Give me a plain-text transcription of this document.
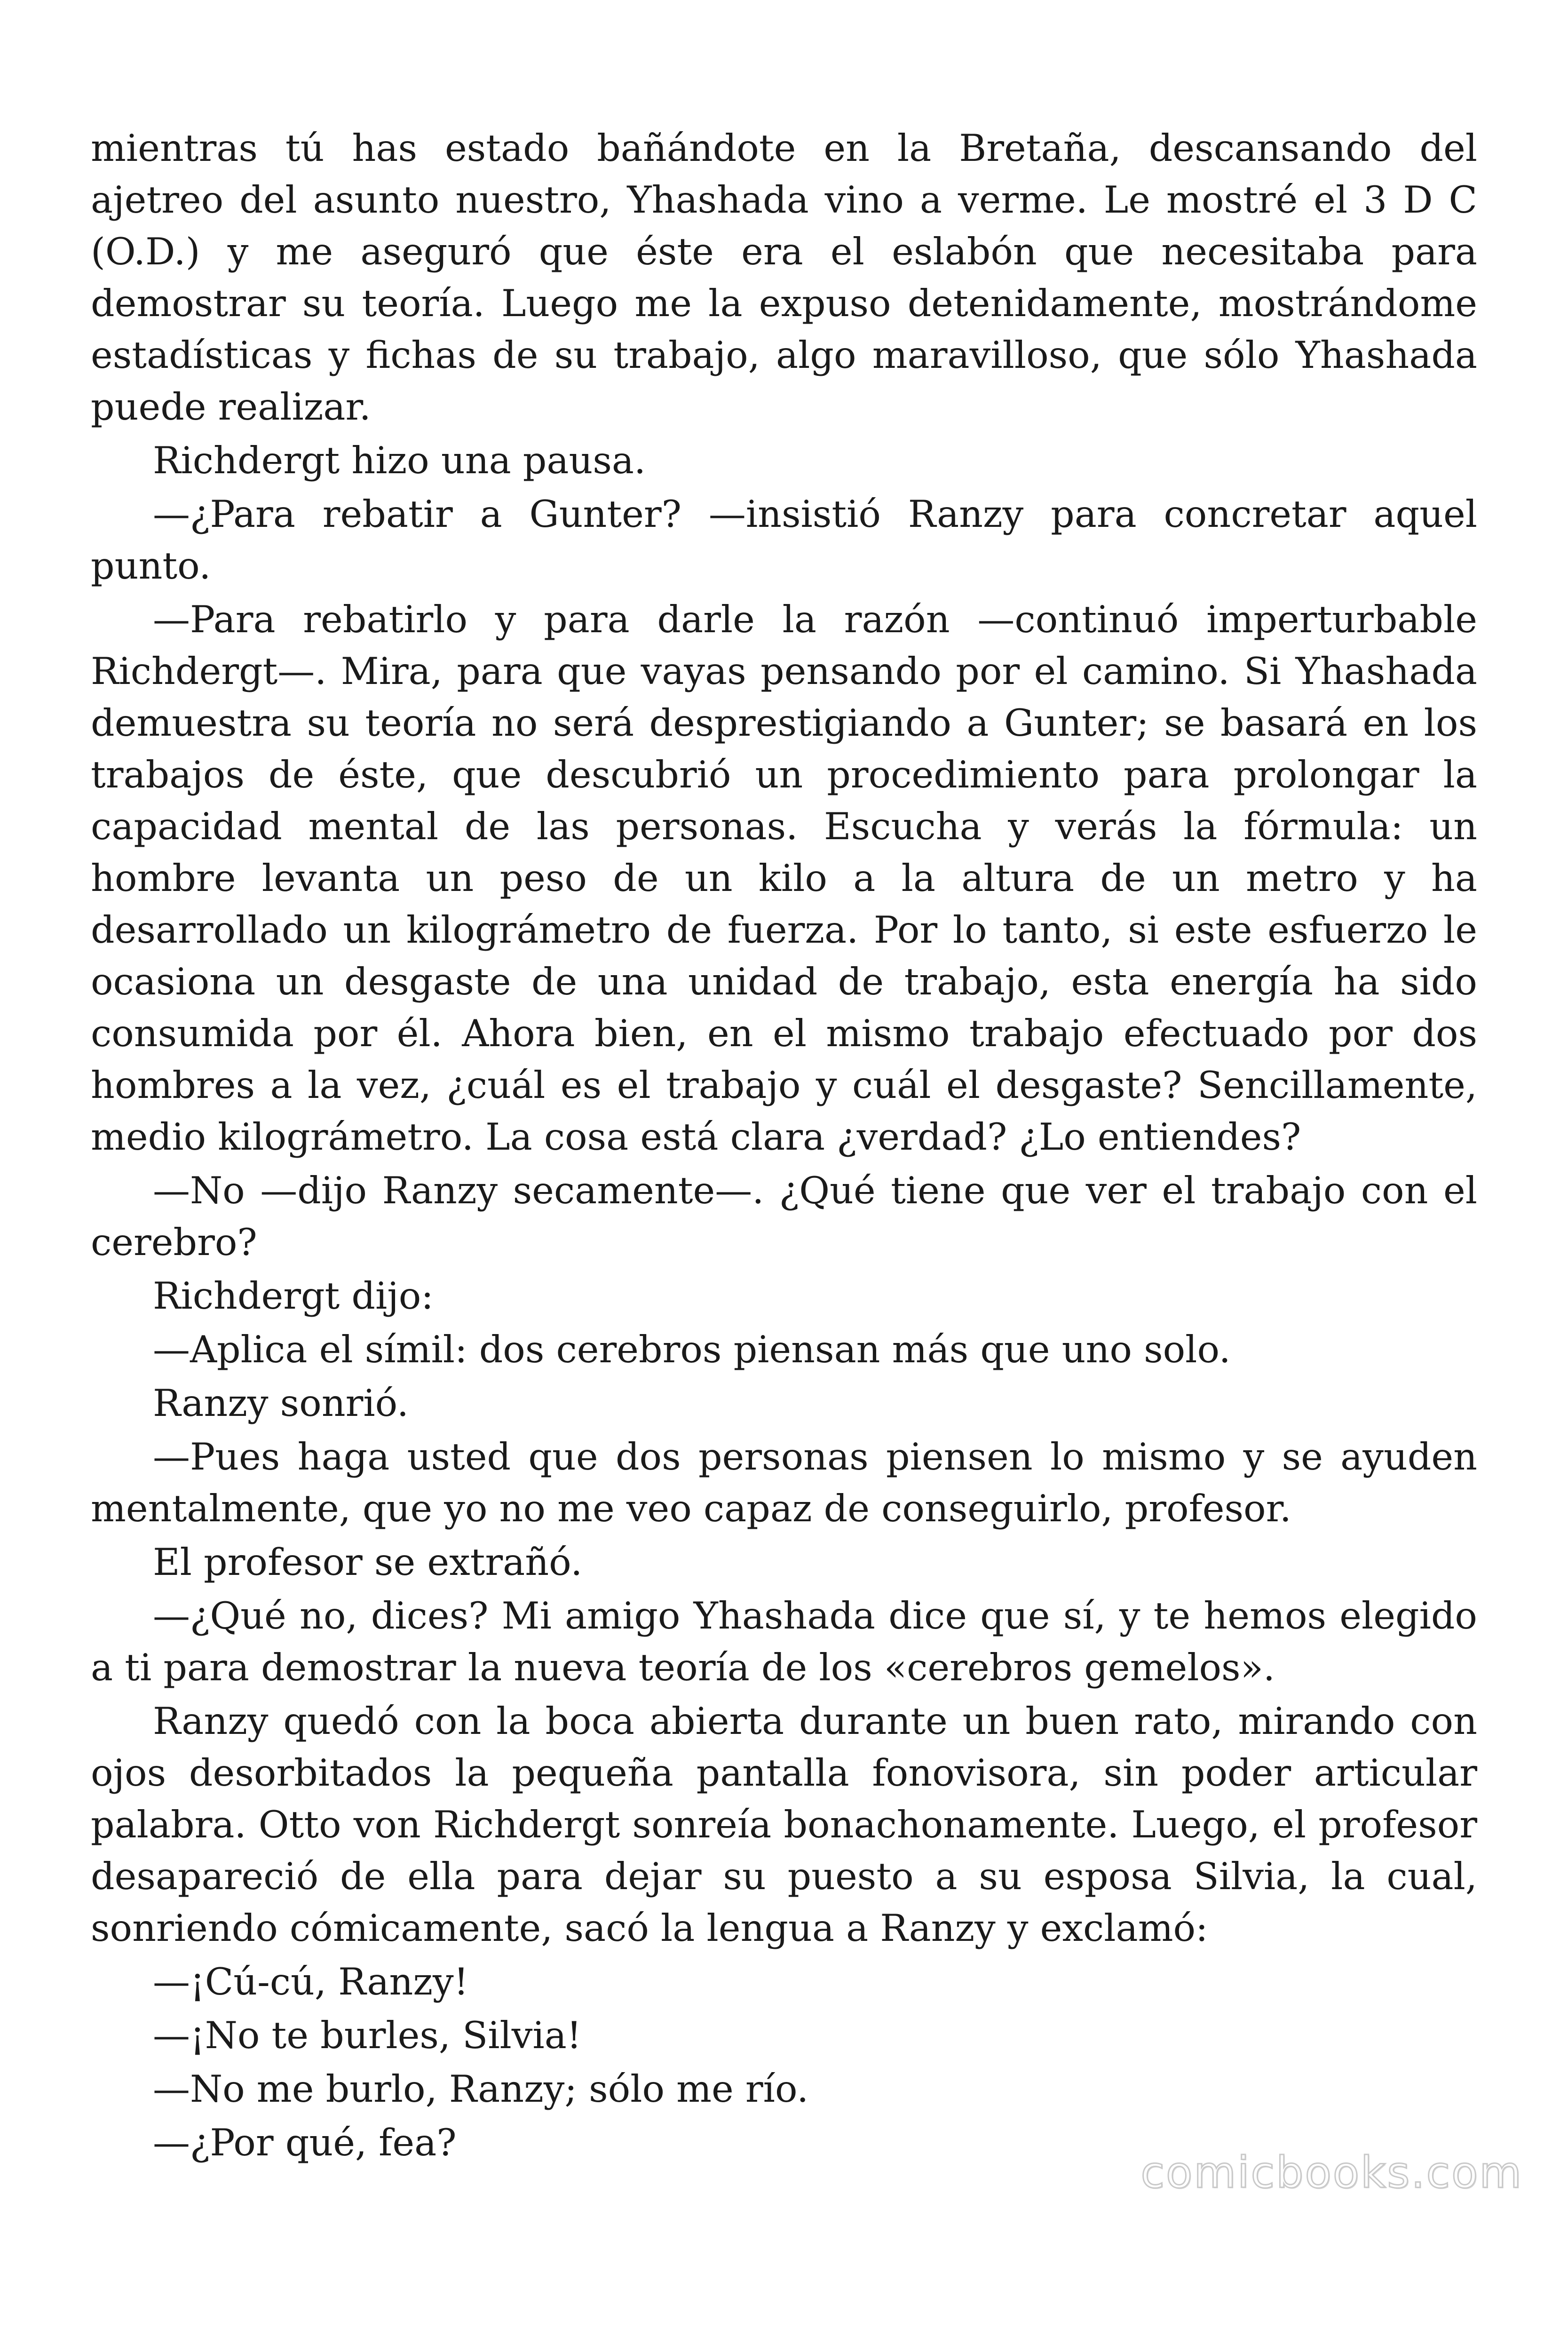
mientras tú has estado bañándote en la Bretaña, descansando del ajetreo del asunto nuestro, Yhashada vino a verme. Le mostré el 3 D C (O.D.) y me aseguró que éste era el eslabón que necesitaba para demostrar su teoría. Luego me la expuso detenidamente, mostrándome estadísticas y fichas de su trabajo, algo maravilloso, que sólo Yhashada puede realizar.

Richdergt hizo una pausa.

—¿Para rebatir a Gunter? —insistió Ranzy para concretar aquel punto.

—Para rebatirlo y para darle la razón —continuó imperturbable Richdergt—. Mira, para que vayas pensando por el camino. Si Yhashada demuestra su teoría no será desprestigiando a Gunter; se basará en los trabajos de éste, que descubrió un procedimiento para prolongar la capacidad mental de las personas. Escucha y verás la fórmula: un hombre levanta un peso de un kilo a la altura de un metro y ha desarrollado un kilográmetro de fuerza. Por lo tanto, si este esfuerzo le ocasiona un desgaste de una unidad de trabajo, esta energía ha sido consumida por él. Ahora bien, en el mismo trabajo efectuado por dos hombres a la vez, ¿cuál es el trabajo y cuál el desgaste? Sencillamente, medio kilográmetro. La cosa está clara ¿verdad? ¿Lo entiendes?

—No —dijo Ranzy secamente—. ¿Qué tiene que ver el trabajo con el cerebro?

Richdergt dijo:

—Aplica el símil: dos cerebros piensan más que uno solo.

Ranzy sonrió.

—Pues haga usted que dos personas piensen lo mismo y se ayuden mentalmente, que yo no me veo capaz de conseguirlo, profesor.

El profesor se extrañó.

—¿Qué no, dices? Mi amigo Yhashada dice que sí, y te hemos elegido a ti para demostrar la nueva teoría de los «cerebros gemelos».

Ranzy quedó con la boca abierta durante un buen rato, mirando con ojos desorbitados la pequeña pantalla fonovisora, sin poder articular palabra. Otto von Richdergt sonreía bonachonamente. Luego, el profesor desapareció de ella para dejar su puesto a su esposa Silvia, la cual, sonriendo cómicamente, sacó la lengua a Ranzy y exclamó:

—¡Cú-cú, Ranzy!

—¡No te burles, Silvia!

—No me burlo, Ranzy; sólo me río.

—¿Por qué, fea?

comicbooks.com
